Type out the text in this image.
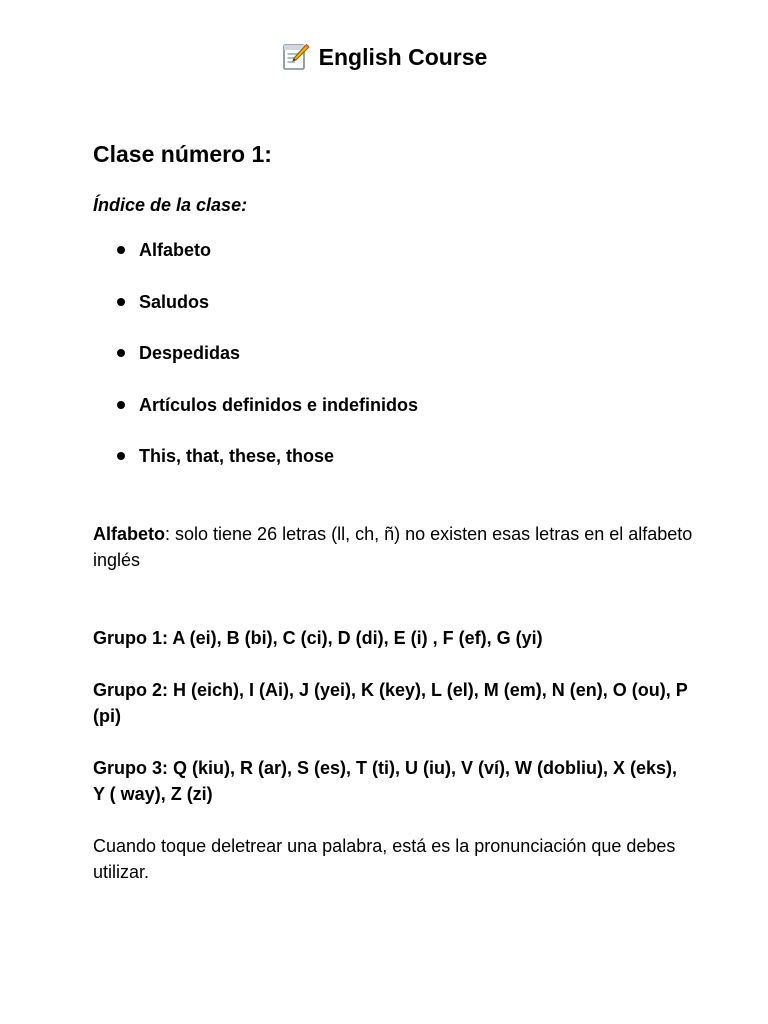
English Course
Clase número 1:

Índice de la clase:

Alfabeto
Saludos
Despedidas
Artículos definidos e indefinidos
This, that, these, those

Alfabeto: solo tiene 26 letras (ll, ch, ñ) no existen esas letras en el alfabeto inglés

Grupo 1: A (ei), B (bi), C (ci), D (di), E (i) , F (ef), G (yi)

Grupo 2: H (eich), I (Ai), J (yei), K (key), L (el), M (em), N (en), O (ou), P (pi)

Grupo 3: Q (kiu), R (ar), S (es), T (ti), U (iu), V (ví), W (dobliu), X (eks), Y ( way), Z (zi)

Cuando toque deletrear una palabra, está es la pronunciación que debes utilizar.
